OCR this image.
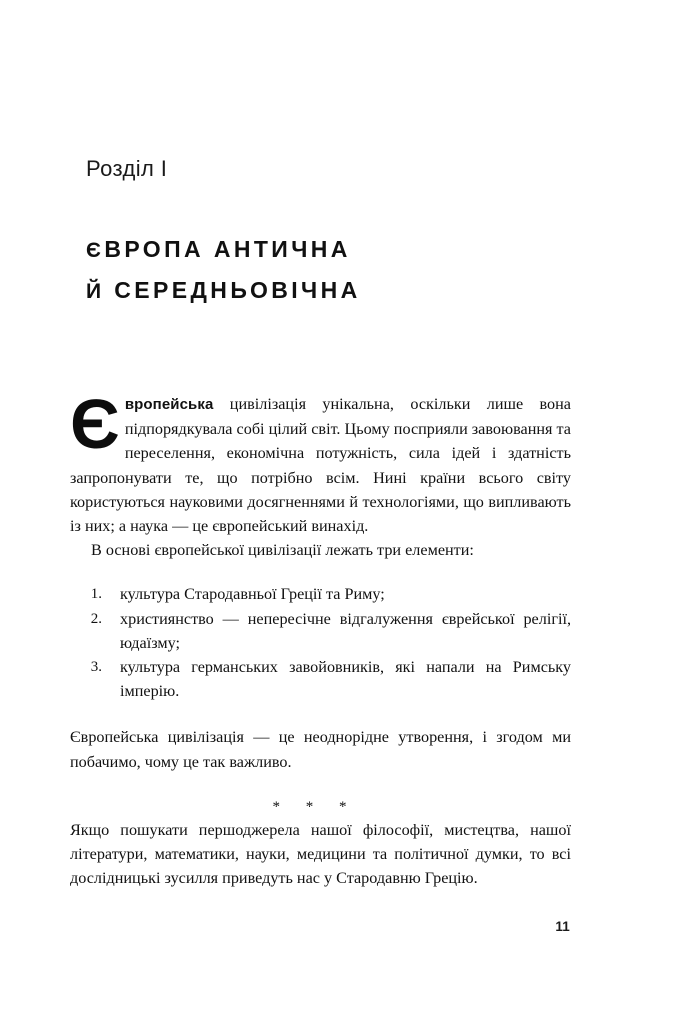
Розділ I
єВРОПА АНТИЧНА
й СЕРЕДНЬОВІЧНА

Європейська цивілізація унікальна, оскільки лише вона підпорядкувала собі цілий світ. Цьому посприяли завоювання та переселення, економічна потужність, сила ідей і здатність запропонувати те, що потрібно всім. Нині країни всього світу користуються науковими досягненнями й технологіями, що випливають із них; а наука — це європейський винахід.

В основі європейської цивілізації лежать три елементи:

1. культура Стародавньої Греції та Риму;
2. християнство — непересічне відгалуження єврейської релігії, юдаїзму;
3. культура германських завойовників, які напали на Римську імперію.

Європейська цивілізація — це неоднорідне утворення, і згодом ми побачимо, чому це так важливо.

* * *

Якщо пошукати першоджерела нашої філософії, мистецтва, нашої літератури, математики, науки, медицини та політичної думки, то всі дослідницькі зусилля приведуть нас у Стародавню Грецію.

11
